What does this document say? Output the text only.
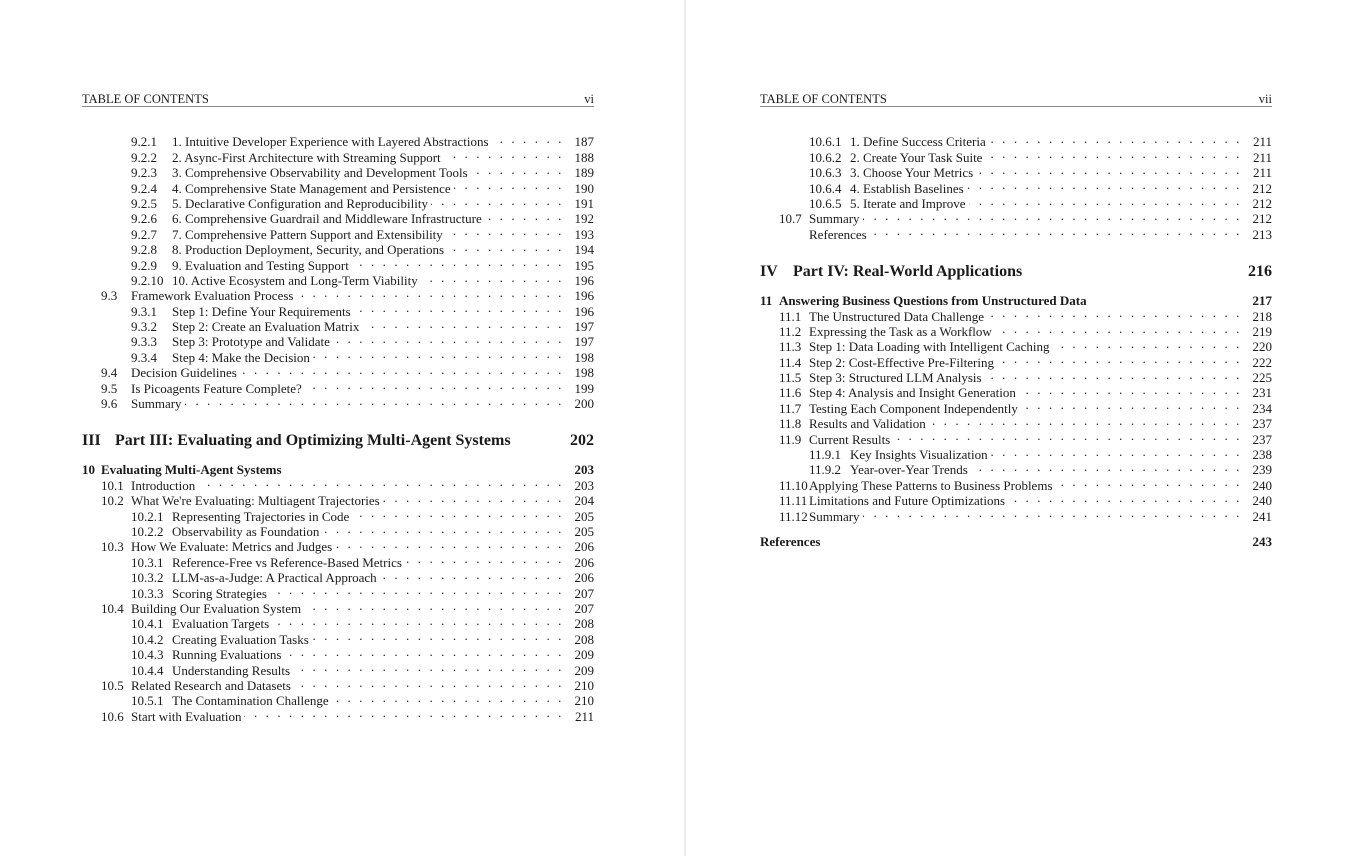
TABLE OF CONTENTS	vi
9.2.1	1. Intuitive Developer Experience with Layered Abstractions . . .	187
9.2.2	2. Async-First Architecture with Streaming Support . . .	188
9.2.3	3. Comprehensive Observability and Development Tools . . .	189
9.2.4	4. Comprehensive State Management and Persistence . . .	190
9.2.5	5. Declarative Configuration and Reproducibility . . .	191
9.2.6	6. Comprehensive Guardrail and Middleware Infrastructure . . .	192
9.2.7	7. Comprehensive Pattern Support and Extensibility . . .	193
9.2.8	8. Production Deployment, Security, and Operations . . .	194
9.2.9	9. Evaluation and Testing Support . . .	195
9.2.10 10. Active Ecosystem and Long-Term Viability . . .	196
9.3	Framework Evaluation Process . . .	196
9.3.1	Step 1: Define Your Requirements . . .	196
9.3.2	Step 2: Create an Evaluation Matrix . . .	197
9.3.3	Step 3: Prototype and Validate . . .	197
9.3.4	Step 4: Make the Decision . . .	198
9.4	Decision Guidelines . . .	198
9.5	Is Picoagents Feature Complete? . . .	199
9.6	Summary . . .	200
III Part III: Evaluating and Optimizing Multi-Agent Systems	202
10 Evaluating Multi-Agent Systems	203
10.1 Introduction . . .	203
10.2 What We're Evaluating: Multiagent Trajectories . . .	204
10.2.1 Representing Trajectories in Code . . .	205
10.2.2 Observability as Foundation . . .	205
10.3 How We Evaluate: Metrics and Judges . . .	206
10.3.1 Reference-Free vs Reference-Based Metrics . . .	206
10.3.2 LLM-as-a-Judge: A Practical Approach . . .	206
10.3.3 Scoring Strategies . . .	207
10.4 Building Our Evaluation System . . .	207
10.4.1 Evaluation Targets . . .	208
10.4.2 Creating Evaluation Tasks . . .	208
10.4.3 Running Evaluations . . .	209
10.4.4 Understanding Results . . .	209
10.5 Related Research and Datasets . . .	210
10.5.1 The Contamination Challenge . . .	210
10.6 Start with Evaluation . . .	211
TABLE OF CONTENTS	vii
10.6.1 1. Define Success Criteria . . .	211
10.6.2 2. Create Your Task Suite . . .	211
10.6.3 3. Choose Your Metrics . . .	211
10.6.4 4. Establish Baselines . . .	212
10.6.5 5. Iterate and Improve . . .	212
10.7 Summary . . .	212
References . . .	213
IV Part IV: Real-World Applications	216
11 Answering Business Questions from Unstructured Data	217
11.1 The Unstructured Data Challenge . . .	218
11.2 Expressing the Task as a Workflow . . .	219
11.3 Step 1: Data Loading with Intelligent Caching . . .	220
11.4 Step 2: Cost-Effective Pre-Filtering . . .	222
11.5 Step 3: Structured LLM Analysis . . .	225
11.6 Step 4: Analysis and Insight Generation . . .	231
11.7 Testing Each Component Independently . . .	234
11.8 Results and Validation . . .	237
11.9 Current Results . . .	237
11.9.1 Key Insights Visualization . . .	238
11.9.2 Year-over-Year Trends . . .	239
11.10 Applying These Patterns to Business Problems . . .	240
11.11 Limitations and Future Optimizations . . .	240
11.12 Summary . . .	241
References	243
